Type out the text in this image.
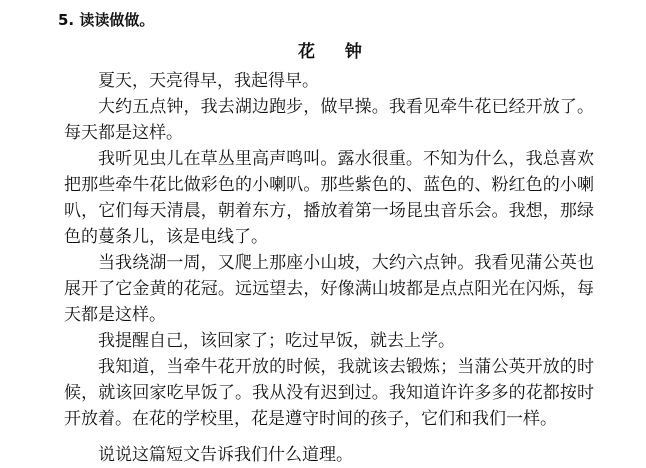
5. 读读做做。
花 钟

夏天，天亮得早，我起得早。

大约五点钟，我去湖边跑步，做早操。我看见牵牛花已经开放了。每天都是这样。

我听见虫儿在草丛里高声鸣叫。露水很重。不知为什么，我总喜欢把那些牵牛花比做彩色的小喇叭。那些紫色的、蓝色的、粉红色的小喇叭，它们每天清晨，朝着东方，播放着第一场昆虫音乐会。我想，那绿色的蔓条儿，该是电线了。

当我绕湖一周，又爬上那座小山坡，大约六点钟。我看见蒲公英也展开了它金黄的花冠。远远望去，好像满山坡都是点点阳光在闪烁，每天都是这样。

我提醒自己，该回家了；吃过早饭，就去上学。

我知道，当牵牛花开放的时候，我就该去锻炼；当蒲公英开放的时候，就该回家吃早饭了。我从没有迟到过。我知道许许多多的花都按时开放着。在花的学校里，花是遵守时间的孩子，它们和我们一样。

说说这篇短文告诉我们什么道理。
